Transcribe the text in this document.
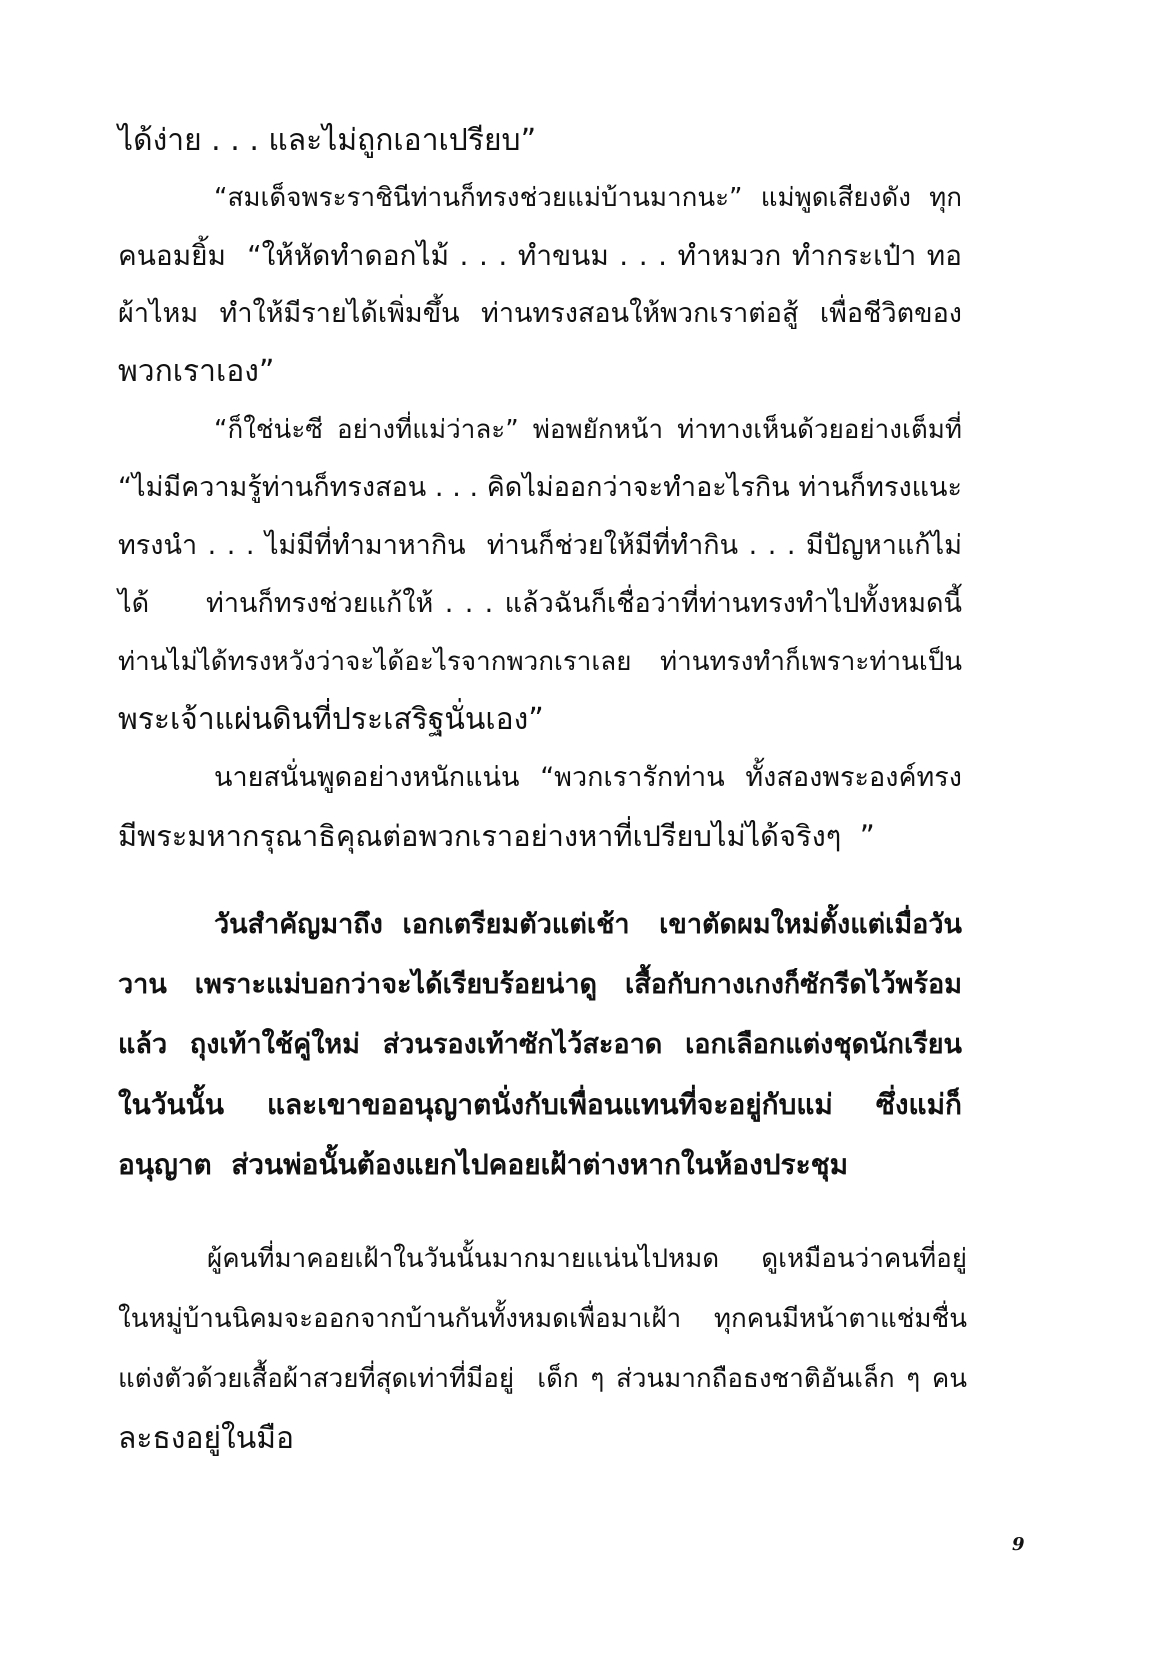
ได้ง่าย . . . และไม่ถูกเอาเปรียบ”
“สมเด็จพระราชินีท่านก็ทรงช่วยแม่บ้านมากนะ” แม่พูดเสียงดัง ทุก
คนอมยิ้ม  “ให้หัดทำดอกไม้ . . . ทำขนม . . . ทำหมวก ทำกระเป๋า ทอ
ผ้าไหม  ทำให้มีรายได้เพิ่มขึ้น  ท่านทรงสอนให้พวกเราต่อสู้  เพื่อชีวิตของ
พวกเราเอง”
“ก็ใช่น่ะซี อย่างที่แม่ว่าละ” พ่อพยักหน้า ท่าทางเห็นด้วยอย่างเต็มที่
“ไม่มีความรู้ท่านก็ทรงสอน . . . คิดไม่ออกว่าจะทำอะไรกิน ท่านก็ทรงแนะ
ทรงนำ . . . ไม่มีที่ทำมาหากิน  ท่านก็ช่วยให้มีที่ทำกิน . . . มีปัญหาแก้ไม่
ได้     ท่านก็ทรงช่วยแก้ให้ . . . แล้วฉันก็เชื่อว่าที่ท่านทรงทำไปทั้งหมดนี้
ท่านไม่ได้ทรงหวังว่าจะได้อะไรจากพวกเราเลย  ท่านทรงทำก็เพราะท่านเป็น
พระเจ้าแผ่นดินที่ประเสริฐนั่นเอง”
นายสนั่นพูดอย่างหนักแน่น  “พวกเรารักท่าน  ทั้งสองพระองค์ทรง
มีพระมหากรุณาธิคุณต่อพวกเราอย่างหาที่เปรียบไม่ได้จริงๆ  ”
วันสำคัญมาถึง  เอกเตรียมตัวแต่เช้า   เขาตัดผมใหม่ตั้งแต่เมื่อวัน
วาน  เพราะแม่บอกว่าจะได้เรียบร้อยน่าดู  เสื้อกับกางเกงก็ซักรีดไว้พร้อม
แล้ว  ถุงเท้าใช้คู่ใหม่  ส่วนรองเท้าซักไว้สะอาด  เอกเลือกแต่งชุดนักเรียน
ในวันนั้น    และเขาขออนุญาตนั่งกับเพื่อนแทนที่จะอยู่กับแม่    ซึ่งแม่ก็
อนุญาต  ส่วนพ่อนั้นต้องแยกไปคอยเฝ้าต่างหากในห้องประชุม
ผู้คนที่มาคอยเฝ้าในวันนั้นมากมายแน่นไปหมด  ดูเหมือนว่าคนที่อยู่
ในหมู่บ้านนิคมจะออกจากบ้านกันทั้งหมดเพื่อมาเฝ้า  ทุกคนมีหน้าตาแช่มชื่น
แต่งตัวด้วยเสื้อผ้าสวยที่สุดเท่าที่มีอยู่  เด็ก ๆ ส่วนมากถือธงชาติอันเล็ก ๆ คน
ละธงอยู่ในมือ
9
